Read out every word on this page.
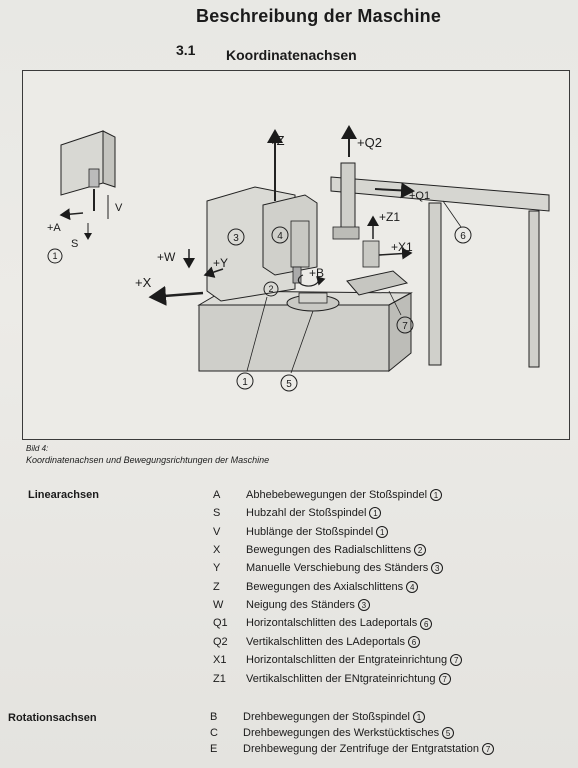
Beschreibung der Maschine
3.1 Koordinatenachsen
V
+A
S
1
+Z
3	4
2
+X
+Y
+W
+B
+Q2
+Q1
6
+Z1
+X1
7
1	5
Bild 4:
Koordinatenachsen und Bewegungsrichtungen der Maschine
Linearachsen	A	Abhebebewegungen der Stoßspindel 1
S	Hubzahl der Stoßspindel 1
V	Hublänge der Stoßspindel 1
X	Bewegungen des Radialschlittens 2
Y	Manuelle Verschiebung des Ständers 3
Z	Bewegungen des Axialschlittens 4
W	Neigung des Ständers 3
Q1	Horizontalschlitten des Ladeportals 6
Q2	Vertikalschlitten des LAdeportals 6
X1	Horizontalschlitten der Entgrateinrichtung 7
Z1	Vertikalschlitten der ENtgrateinrichtung 7
Rotationsachsen	B	Drehbewegungen der Stoßspindel 1
C	Drehbewegungen des Werkstücktisches 5
E	Drehbewegung der Zentrifuge der Entgratstation 7
